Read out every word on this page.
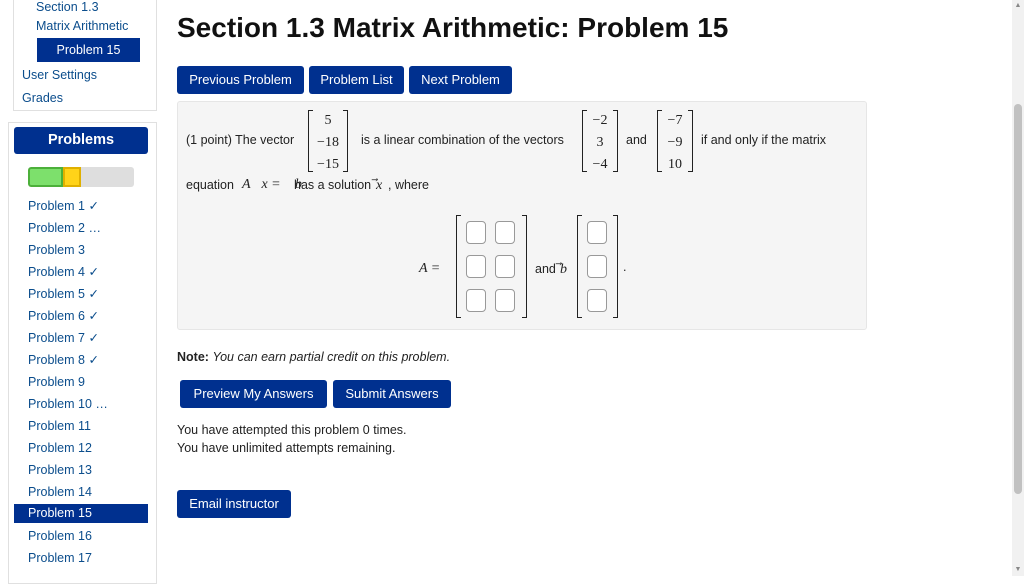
Section 1.3
Matrix Arithmetic
Problem 15
User Settings
Grades
Problems
Problem 1 ✓
Problem 2 …
Problem 3
Problem 4 ✓
Problem 5 ✓
Problem 6 ✓
Problem 7 ✓
Problem 8 ✓
Problem 9
Problem 10 …
Problem 11
Problem 12
Problem 13
Problem 14
Problem 15
Problem 16
Problem 17
Section 1.3 Matrix Arithmetic: Problem 15
Previous Problem	Problem List	Next Problem
(1 point) The vector
5
−18
−15
is a linear combination of the vectors
−2
3
−4
and
−7
−9
10
if and only if the matrix
equation A⃗x = ⃗b
has a solution ⃗x , where
A =	and ⃗b	.
Note: You can earn partial credit on this problem.
Preview My Answers	Submit Answers
You have attempted this problem 0 times.
You have unlimited attempts remaining.
Email instructor
▲
▼
